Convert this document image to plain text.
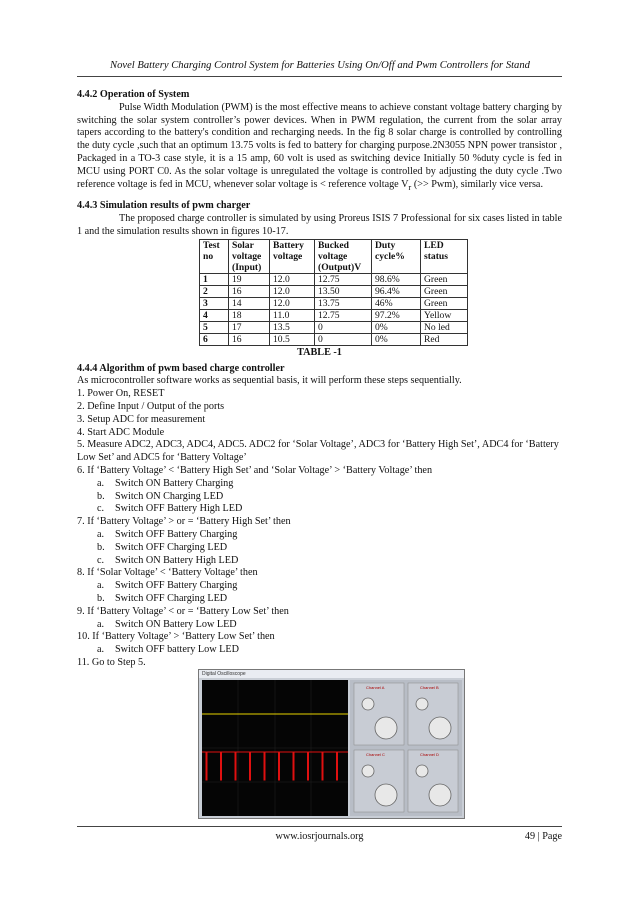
Novel Battery Charging Control System for Batteries Using On/Off and Pwm Controllers for Stand

4.4.2 Operation of System

Pulse Width Modulation (PWM) is the most effective means to achieve constant voltage battery charging by switching the solar system controller’s power devices. When in PWM regulation, the current from the solar array tapers according to the battery's condition and recharging needs. In the fig 8 solar charge is controlled by controlling the duty cycle ,such that an optimum 13.75 volts is fed to battery for charging purpose.2N3055 NPN power transistor , Packaged in a TO-3 case style, it is a 15 amp, 60 volt is used as switching device Initially 50 %duty cycle is fed in MCU using PORT C0. As the solar voltage is unregulated the voltage is controlled by adjusting the duty cycle .Two reference voltage is fed in MCU, whenever solar voltage is < reference voltage $V_r$ (>> Pwm), similarly vice versa.

4.4.3 Simulation results of pwm charger

The proposed charge controller is simulated by using Proreus ISIS 7 Professional for six cases listed in table 1 and the simulation results shown in figures 10-17.

Test no	Solar voltage (Input)	Battery voltage	Bucked voltage (Output)V	Duty cycle%	LED status
1	19	12.0	12.75	98.6%	Green
2	16	12.0	13.50	96.4%	Green
3	14	12.0	13.75	46%	Green
4	18	11.0	12.75	97.2%	Yellow
5	17	13.5	0	0%	No led
6	16	10.5	0	0%	Red

TABLE -1

4.4.4 Algorithm of pwm based charge controller

As microcontroller software works as sequential basis, it will perform these steps sequentially.

1. Power On, RESET

2. Define Input / Output of the ports

3. Setup ADC for measurement

4. Start ADC Module

5. Measure ADC2, ADC3, ADC4, ADC5. ADC2 for ‘Solar Voltage’, ADC3 for ‘Battery High Set’, ADC4 for ‘Battery Low Set’ and ADC5 for ‘Battery Voltage’

6. If ‘Battery Voltage’ < ‘Battery High Set’ and ‘Solar Voltage’ > ‘Battery Voltage’ then

a. Switch ON Battery Charging

b. Switch ON Charging LED

c. Switch OFF Battery High LED

7. If ‘Battery Voltage’ > or = ‘Battery High Set’ then

a. Switch OFF Battery Charging

b. Switch OFF Charging LED

c. Switch ON Battery High LED

8. If ‘Solar Voltage’ < ‘Battery Voltage’ then

a. Switch OFF Battery Charging

b. Switch OFF Charging LED

9. If ‘Battery Voltage’ < or = ‘Battery Low Set’ then

a. Switch ON Battery Low LED

10. If ‘Battery Voltage’ > ‘Battery Low Set’ then

a. Switch OFF battery Low LED

11. Go to Step 5.

Digital Oscilloscope
Channel A	Channel B
Channel C	Channel D
www.iosrjournals.org	49 | Page
